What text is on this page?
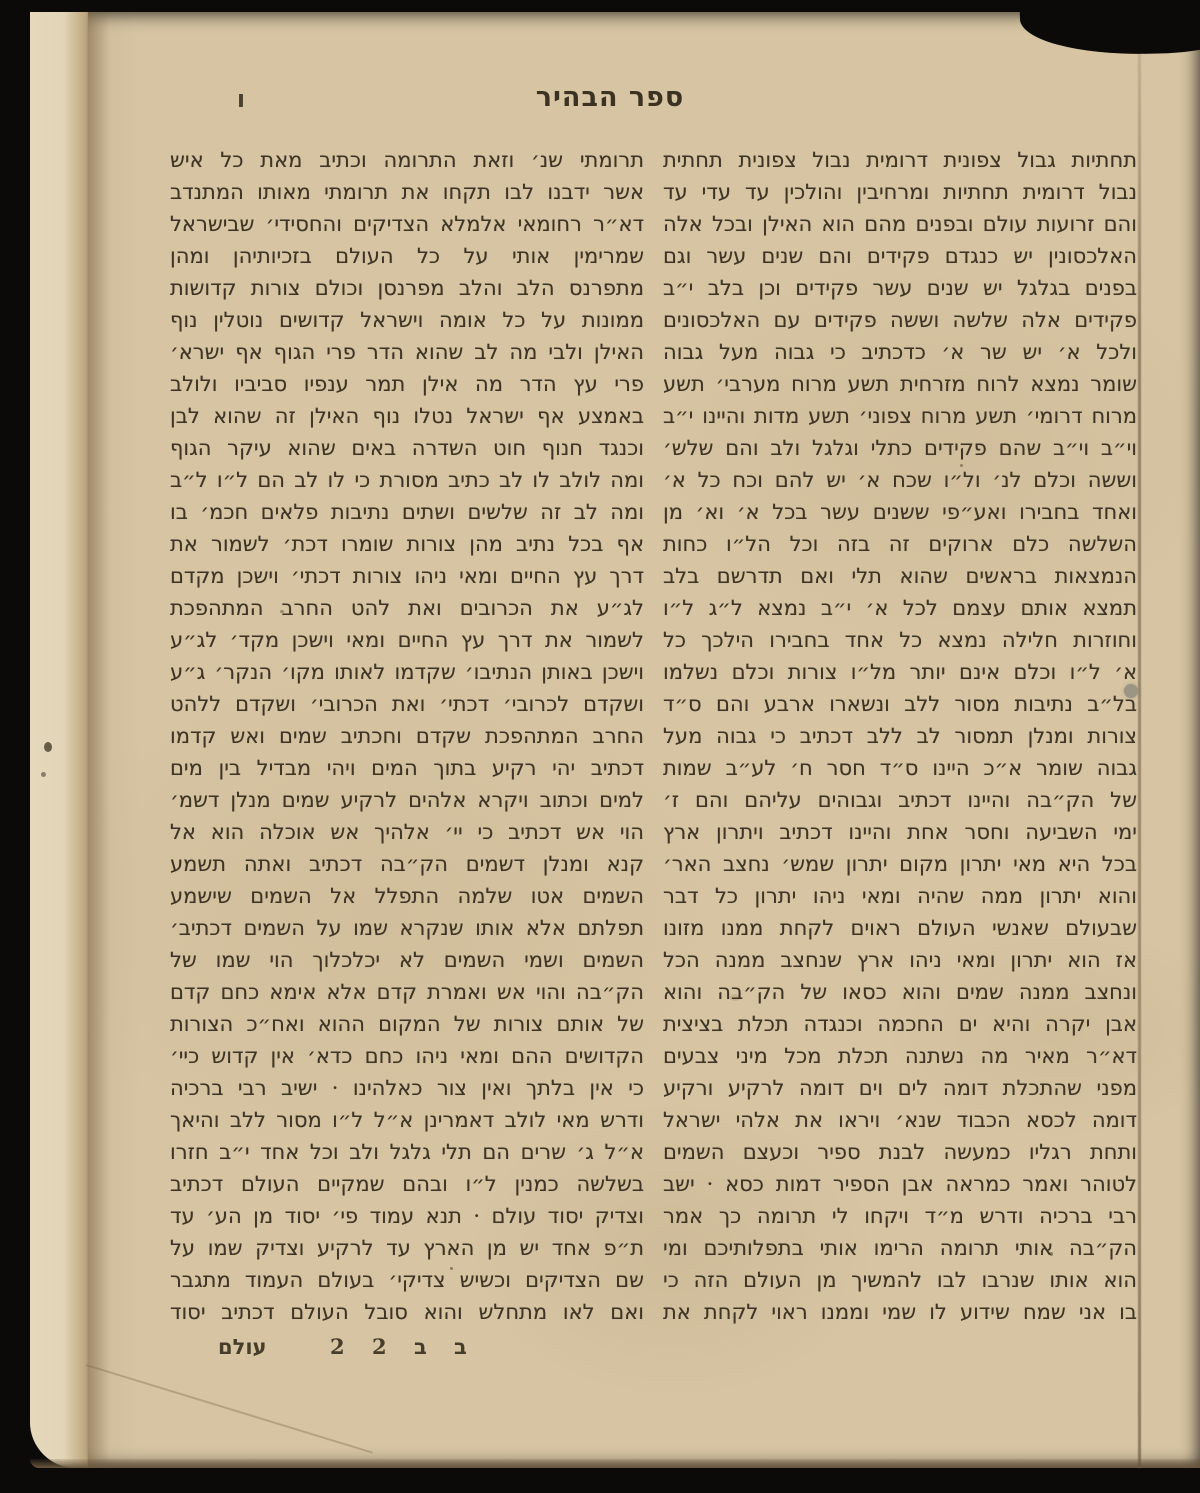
ספר הבהיר
ו
תחתיות גבול צפונית דרומית נבול צפונית תחתית
נבול דרומית תחתיות ומרחיבין והולכין עד עדי עד
והם זרועות עולם ובפנים מהם הוא האילן ובכל אלה
האלכסונין יש כנגדם פקידים והם שנים עשר וגם
בפנים בגלגל יש שנים עשר פקידים וכן בלב י״ב
פקידים אלה שלשה וששה פקידים עם האלכסונים
ולכל א׳ יש שר א׳ כדכתיב כי גבוה מעל גבוה
שומר נמצא לרוח מזרחית תשע מרוח מערבי׳ תשע
מרוח דרומי׳ תשע מרוח צפוני׳ תשע מדות והיינו י״ב
וי״ב וי״ב שהם פקידים כתלי וגלגל ולב והם שלש׳
וששה וכלם לנ׳ ול״ו שכח א׳ יש להם וכח כל א׳
ואחד בחבירו ואע״פי ששנים עשר בכל א׳ וא׳ מן
השלשה כלם ארוקים זה בזה וכל הל״ו כחות
הנמצאות בראשים שהוא תלי ואם תדרשם בלב
תמצא אותם עצמם לכל א׳ י״ב נמצא ל״ג ל״ו
וחוזרות חלילה נמצא כל אחד בחבירו הילכך כל
א׳ ל״ו וכלם אינם יותר מל״ו צורות וכלם נשלמו
בל״ב נתיבות מסור ללב ונשארו ארבע והם ס״ד
צורות ומנלן תמסור לב ללב דכתיב כי גבוה מעל
גבוה שומר א״כ היינו ס״ד חסר ח׳ לע״ב שמות
של הק״בה והיינו דכתיב וגבוהים עליהם והם ז׳
ימי השביעה וחסר אחת והיינו דכתיב ויתרון ארץ
בכל היא מאי יתרון מקום יתרון שמש׳ נחצב האר׳
והוא יתרון ממה שהיה ומאי ניהו יתרון כל דבר
שבעולם שאנשי העולם ראוים לקחת ממנו מזונו
אז הוא יתרון ומאי ניהו ארץ שנחצב ממנה הכל
ונחצב ממנה שמים והוא כסאו של הק״בה והוא
אבן יקרה והיא ים החכמה וכנגדה תכלת בציצית
דא״ר מאיר מה נשתנה תכלת מכל מיני צבעים
מפני שהתכלת דומה לים וים דומה לרקיע ורקיע
דומה לכסא הכבוד שנא׳ ויראו את אלהי ישראל
ותחת רגליו כמעשה לבנת ספיר וכעצם השמים
לטוהר ואמר כמראה אבן הספיר דמות כסא · ישב
רבי ברכיה ודרש מ״ד ויקחו לי תרומה כך אמר
הק״בה אותי תרומה הרימו אותי בתפלותיכם ומי
הוא אותו שנרבו לבו להמשיך מן העולם הזה כי
בו אני שמח שידוע לו שמי וממנו ראוי לקחת את
תרומתי שנ׳ וזאת התרומה וכתיב מאת כל איש
אשר ידבנו לבו תקחו את תרומתי מאותו המתנדב
דא״ר רחומאי אלמלא הצדיקים והחסידי׳ שבישראל
שמרימין אותי על כל העולם בזכיותיהן ומהן
מתפרנס הלב והלב מפרנסן וכולם צורות קדושות
ממונות על כל אומה וישראל קדושים נוטלין נוף
האילן ולבי מה לב שהוא הדר פרי הגוף אף ישרא׳
פרי עץ הדר מה אילן תמר ענפיו סביביו ולולב
באמצע אף ישראל נטלו נוף האילן זה שהוא לבן
וכנגד חנוף חוט השדרה באים שהוא עיקר הגוף
ומה לולב לו לב כתיב מסורת כי לו לב הם ל״ו ל״ב
ומה לב זה שלשים ושתים נתיבות פלאים חכמ׳ בו
אף בכל נתיב מהן צורות שומרו דכת׳ לשמור את
דרך עץ החיים ומאי ניהו צורות דכתי׳ וישכן מקדם
לג״ע את הכרובים ואת להט החרב המתהפכת
לשמור את דרך עץ החיים ומאי וישכן מקד׳ לג״ע
וישכן באותן הנתיבו׳ שקדמו לאותו מקו׳ הנקר׳ ג״ע
ושקדם לכרובי׳ דכתי׳ ואת הכרובי׳ ושקדם ללהט
החרב המתהפכת שקדם וחכתיב שמים ואש קדמו
דכתיב יהי רקיע בתוך המים ויהי מבדיל בין מים
למים וכתוב ויקרא אלהים לרקיע שמים מנלן דשמ׳
הוי אש דכתיב כי יי׳ אלהיך אש אוכלה הוא אל
קנא ומנלן דשמים הק״בה דכתיב ואתה תשמע
השמים אטו שלמה התפלל אל השמים שישמע
תפלתם אלא אותו שנקרא שמו על השמים דכתיב׳
השמים ושמי השמים לא יכלכלוך הוי שמו של
הק״בה והוי אש ואמרת קדם אלא אימא כחם קדם
של אותם צורות של המקום ההוא ואח״כ הצורות
הקדושים ההם ומאי ניהו כחם כדא׳ אין קדוש כיי׳
כי אין בלתך ואין צור כאלהינו · ישיב רבי ברכיה
ודרש מאי לולב דאמרינן א״ל ל״ו מסור ללב והיאך
א״ל ג׳ שרים הם תלי גלגל ולב וכל אחד י״ב חזרו
בשלשה כמנין ל״ו ובהם שמקיים העולם דכתיב
וצדיק יסוד עולם · תנא עמוד פי׳ יסוד מן הע׳ עד
ת״פ אחד יש מן הארץ עד לרקיע וצדיק שמו על
שם הצדיקים וכשיש צדיקי׳ בעולם העמוד מתגבר
ואם לאו מתחלש והוא סובל העולם דכתיב יסוד
עולם	2 2 ב ב
